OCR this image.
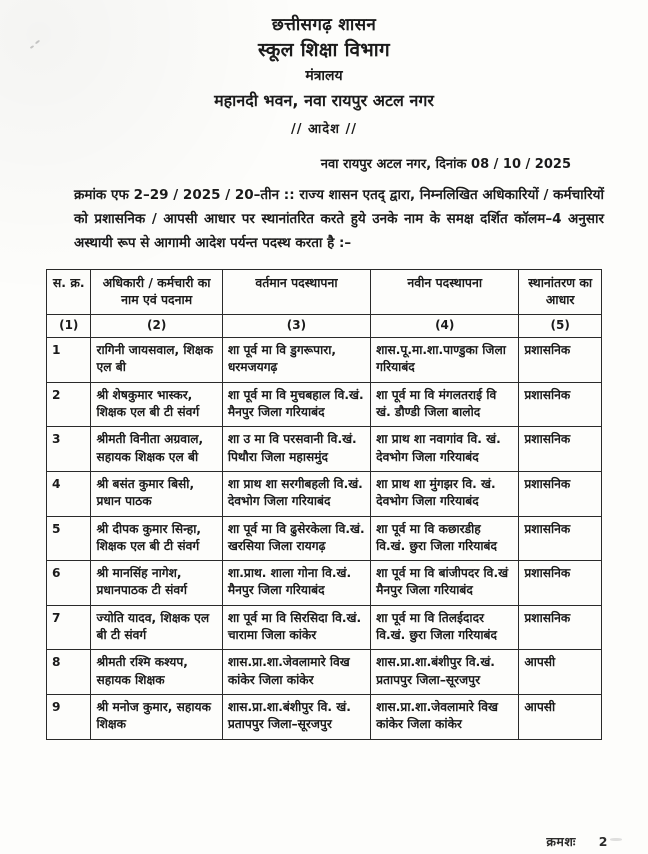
छत्तीसगढ़ शासन
स्कूल शिक्षा विभाग
मंत्रालय
महानदी भवन, नवा रायपुर अटल नगर
// आदेश //
नवा रायपुर अटल नगर, दिनांक 08 / 10 / 2025
क्रमांक एफ 2–29 / 2025 / 20–तीन :: राज्य शासन एतद् द्वारा, निम्नलिखित अधिकारियों / कर्मचारियों को प्रशासनिक / आपसी आधार पर स्थानांतरित करते हुये उनके नाम के समक्ष दर्शित कॉलम–4 अनुसार अस्थायी रूप से आगामी आदेश पर्यन्त पदस्थ करता है :–
स. क्र.	अधिकारी / कर्मचारी का नाम एवं पदनाम	वर्तमान पदस्थापना	नवीन पदस्थापना	स्थानांतरण का आधार
(1)	(2)	(3)	(4)	(5)
1	रागिनी जायसवाल, शिक्षक एल बी	शा पूर्व मा वि डुगरूपारा, धरमजयगढ़	शास.पू.मा.शा.पाण्डुका जिला गरियाबंद	प्रशासनिक
2	श्री शेषकुमार भास्कर, शिक्षक एल बी टी संवर्ग	शा पूर्व मा वि मुचबहाल वि.खं. मैनपुर जिला गरियाबंद	शा पूर्व मा वि मंगलतराई वि खं. डौण्डी जिला बालोद	प्रशासनिक
3	श्रीमती विनीता अग्रवाल, सहायक शिक्षक एल बी	शा उ मा वि परसवानी वि.खं. पिथौरा जिला महासमुंद	शा प्राथ शा नवागांव वि. खं. देवभोग जिला गरियाबंद	प्रशासनिक
4	श्री बसंत कुमार बिसी, प्रधान पाठक	शा प्राथ शा सरगीबहली वि.खं. देवभोग जिला गरियाबंद	शा प्राथ शा मुंगझर वि. खं. देवभोग जिला गरियाबंद	प्रशासनिक
5	श्री दीपक कुमार सिन्हा, शिक्षक एल बी टी संवर्ग	शा पूर्व मा वि ढुसेरकेला वि.खं. खरसिया जिला रायगढ़	शा पूर्व मा वि कछारडीह वि.खं. छुरा जिला गरियाबंद	प्रशासनिक
6	श्री मानसिंह नागेश, प्रधानपाठक टी संवर्ग	शा.प्राथ. शाला गोना वि.खं. मैनपुर जिला गरियाबंद	शा पूर्व मा वि बांजीपदर वि.खं मैनपुर जिला गरियाबंद	प्रशासनिक
7	ज्योति यादव, शिक्षक एल बी टी संवर्ग	शा पूर्व मा वि सिरसिदा वि.खं. चारामा जिला कांकेर	शा पूर्व मा वि तिलईदादर वि.खं. छुरा जिला गरियाबंद	प्रशासनिक
8	श्रीमती रश्मि कश्यप, सहायक शिक्षक	शास.प्रा.शा.जेवलामारे विख कांकेर जिला कांकेर	शास.प्रा.शा.बंशीपुर वि.खं. प्रतापपुर जिला–सूरजपुर	आपसी
9	श्री मनोज कुमार, सहायक शिक्षक	शास.प्रा.शा.बंशीपुर वि. खं. प्रतापपुर जिला–सूरजपुर	शास.प्रा.शा.जेवलामारे विख कांकेर जिला कांकेर	आपसी
क्रमशः 2
